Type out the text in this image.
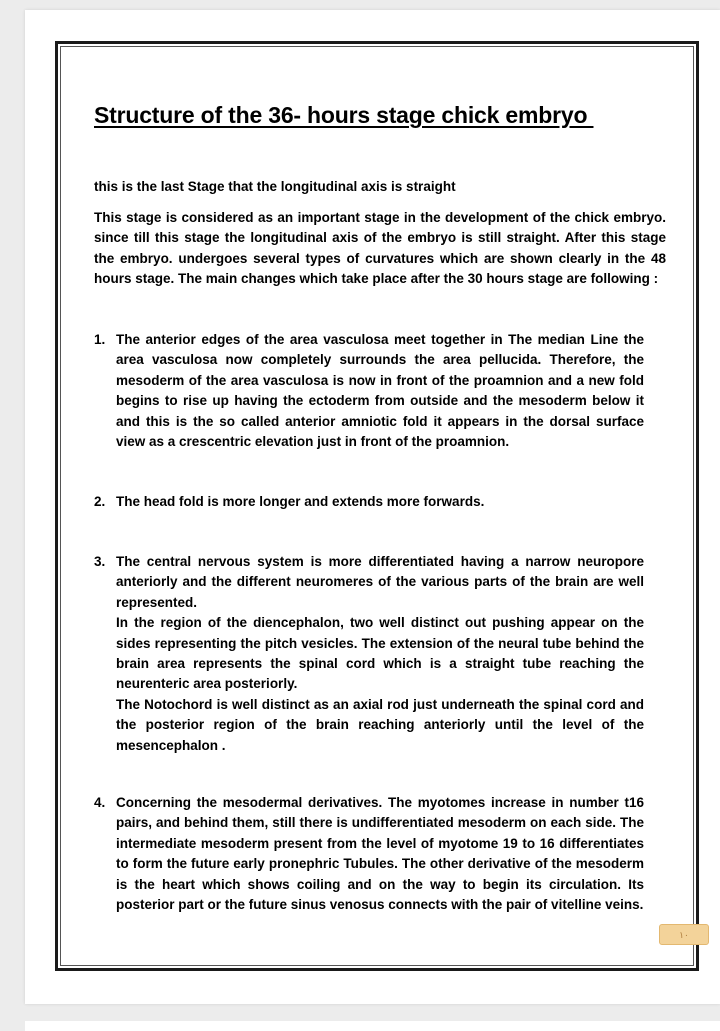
Structure of the 36- hours stage chick embryo

this is the last Stage that the longitudinal axis is straight

This stage is considered as an important stage in the development of the chick embryo. since till this stage the longitudinal axis of the embryo is still straight. After this stage the embryo. undergoes several types of curvatures which are shown clearly in the 48 hours stage. The main changes which take place after the 30 hours stage are following :

1. The anterior edges of the area vasculosa meet together in The median Line the area vasculosa now completely surrounds the area pellucida. Therefore, the mesoderm of the area vasculosa is now in front of the proamnion and a new fold begins to rise up having the ectoderm from outside and the mesoderm below it and this is the so called anterior amniotic fold it appears in the dorsal surface view as a crescentric elevation just in front of the proamnion.

2. The head fold is more longer and extends more forwards.

3. The central nervous system is more differentiated having a narrow neuropore anteriorly and the different neuromeres of the various parts of the brain are well represented.

In the region of the diencephalon, two well distinct out pushing appear on the sides representing the pitch vesicles. The extension of the neural tube behind the brain area represents the spinal cord which is a straight tube reaching the neurenteric area posteriorly.

The Notochord is well distinct as an axial rod just underneath the spinal cord and the posterior region of the brain reaching anteriorly until the level of the mesencephalon .

4. Concerning the mesodermal derivatives. The myotomes increase in number t16 pairs, and behind them, still there is undifferentiated mesoderm on each side. The intermediate mesoderm present from the level of myotome 19 to 16 differentiates to form the future early pronephric Tubules. The other derivative of the mesoderm is the heart which shows coiling and on the way to begin its circulation. Its posterior part or the future sinus venosus connects with the pair of vitelline veins.

١٠
